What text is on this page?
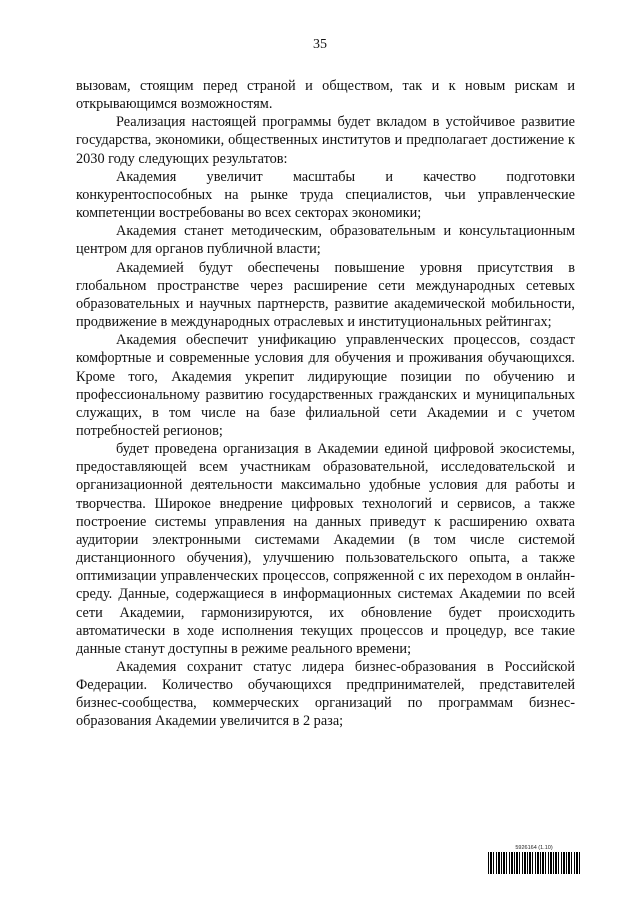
35

вызовам, стоящим перед страной и обществом, так и к новым рискам и открывающимся возможностям.

Реализация настоящей программы будет вкладом в устойчивое развитие государства, экономики, общественных институтов и предполагает достижение к 2030 году следующих результатов:

Академия увеличит масштабы и качество подготовки конкурентоспособных на рынке труда специалистов, чьи управленческие компетенции востребованы во всех секторах экономики;

Академия станет методическим, образовательным и консультационным центром для органов публичной власти;

Академией будут обеспечены повышение уровня присутствия в глобальном пространстве через расширение сети международных сетевых образовательных и научных партнерств, развитие академической мобильности, продвижение в международных отраслевых и институциональных рейтингах;

Академия обеспечит унификацию управленческих процессов, создаст комфортные и современные условия для обучения и проживания обучающихся. Кроме того, Академия укрепит лидирующие позиции по обучению и профессиональному развитию государственных гражданских и муниципальных служащих, в том числе на базе филиальной сети Академии и с учетом потребностей регионов;

будет проведена организация в Академии единой цифровой экосистемы, предоставляющей всем участникам образовательной, исследовательской и организационной деятельности максимально удобные условия для работы и творчества. Широкое внедрение цифровых технологий и сервисов, а также построение системы управления на данных приведут к расширению охвата аудитории электронными системами Академии (в том числе системой дистанционного обучения), улучшению пользовательского опыта, а также оптимизации управленческих процессов, сопряженной с их переходом в онлайн-среду. Данные, содержащиеся в информационных системах Академии по всей сети Академии, гармонизируются, их обновление будет происходить автоматически в ходе исполнения текущих процессов и процедур, все такие данные станут доступны в режиме реального времени;

Академия сохранит статус лидера бизнес-образования в Российской Федерации. Количество обучающихся предпринимателей, представителей бизнес-сообщества, коммерческих организаций по программам бизнес-образования Академии увеличится в 2 раза;

5926164 (1.10)
